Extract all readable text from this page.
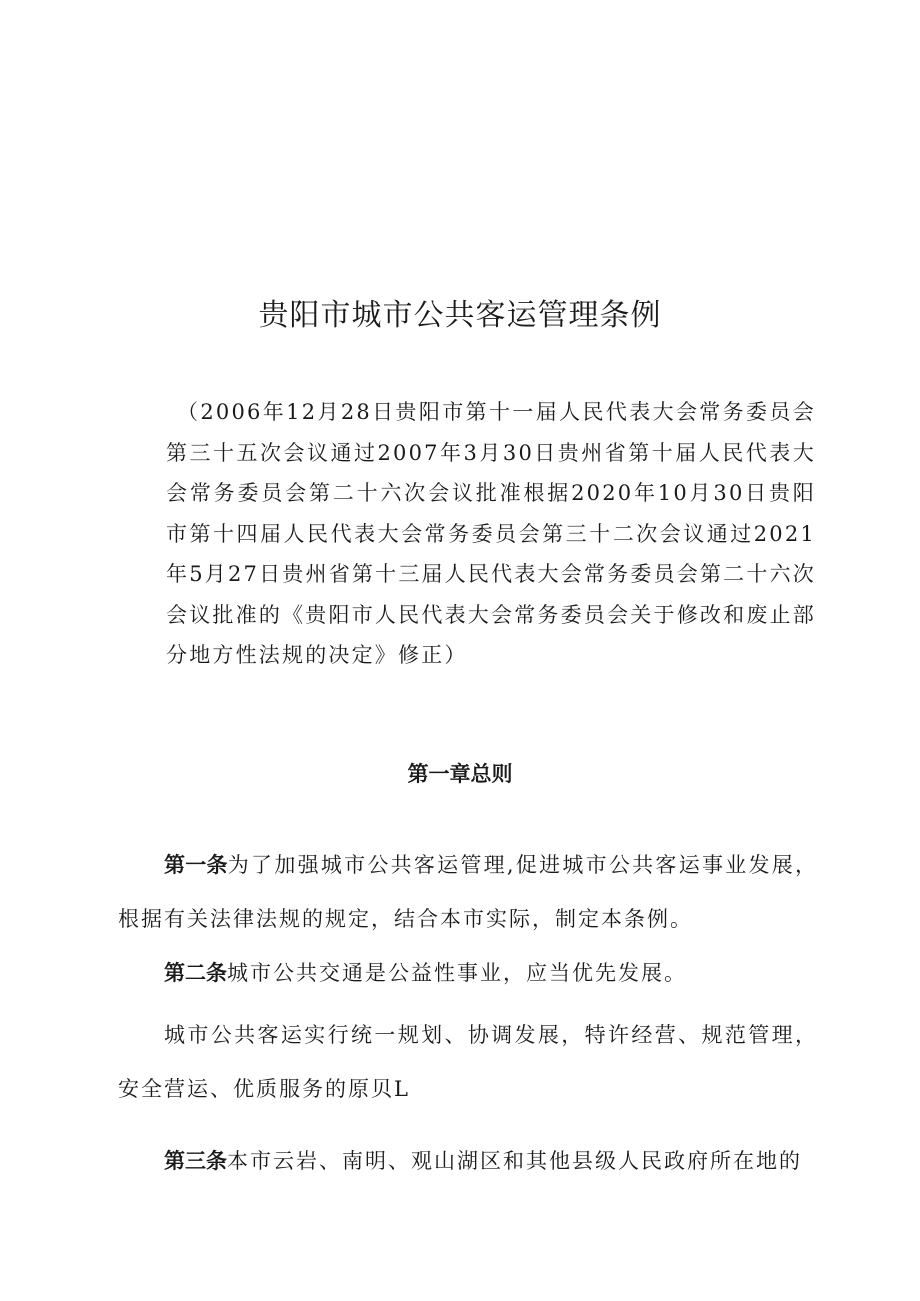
贵阳市城市公共客运管理条例

（2006年12月28日贵阳市第十一届人民代表大会常务委员会第三十五次会议通过2007年3月30日贵州省第十届人民代表大会常务委员会第二十六次会议批准根据2020年10月30日贵阳市第十四届人民代表大会常务委员会第三十二次会议通过2021年5月27日贵州省第十三届人民代表大会常务委员会第二十六次会议批准的《贵阳市人民代表大会常务委员会关于修改和废止部分地方性法规的决定》修正）

第一章总则

第一条为了加强城市公共客运管理,促进城市公共客运事业发展，根据有关法律法规的规定，结合本市实际，制定本条例。

第二条城市公共交通是公益性事业，应当优先发展。

城市公共客运实行统一规划、协调发展，特许经营、规范管理，安全营运、优质服务的原贝L

第三条本市云岩、南明、观山湖区和其他县级人民政府所在地的
